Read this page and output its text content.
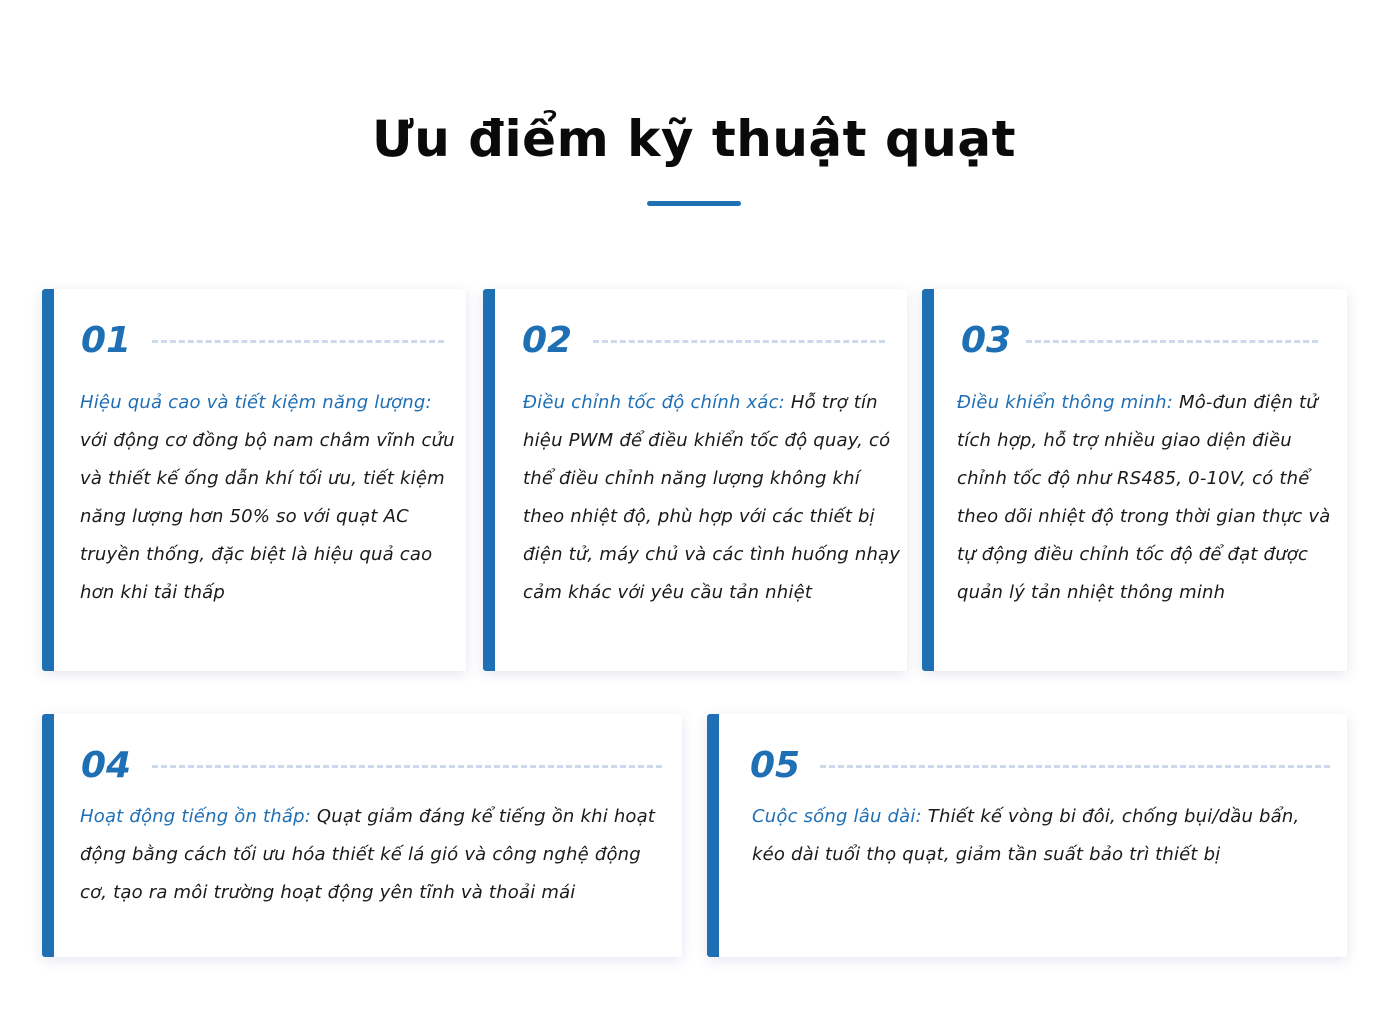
Ưu điểm kỹ thuật quạt
01
Hiệu quả cao và tiết kiệm năng lượng: với động cơ đồng bộ nam châm vĩnh cửu và thiết kế ống dẫn khí tối ưu, tiết kiệm năng lượng hơn 50% so với quạt AC truyền thống, đặc biệt là hiệu quả cao hơn khi tải thấp
02
Điều chỉnh tốc độ chính xác: Hỗ trợ tín hiệu PWM để điều khiển tốc độ quay, có thể điều chỉnh năng lượng không khí theo nhiệt độ, phù hợp với các thiết bị điện tử, máy chủ và các tình huống nhạy cảm khác với yêu cầu tản nhiệt
03
Điều khiển thông minh: Mô-đun điện tử tích hợp, hỗ trợ nhiều giao diện điều chỉnh tốc độ như RS485, 0-10V, có thể theo dõi nhiệt độ trong thời gian thực và tự động điều chỉnh tốc độ để đạt được quản lý tản nhiệt thông minh
04
Hoạt động tiếng ồn thấp: Quạt giảm đáng kể tiếng ồn khi hoạt động bằng cách tối ưu hóa thiết kế lá gió và công nghệ động cơ, tạo ra môi trường hoạt động yên tĩnh và thoải mái
05
Cuộc sống lâu dài: Thiết kế vòng bi đôi, chống bụi/dầu bẩn, kéo dài tuổi thọ quạt, giảm tần suất bảo trì thiết bị
